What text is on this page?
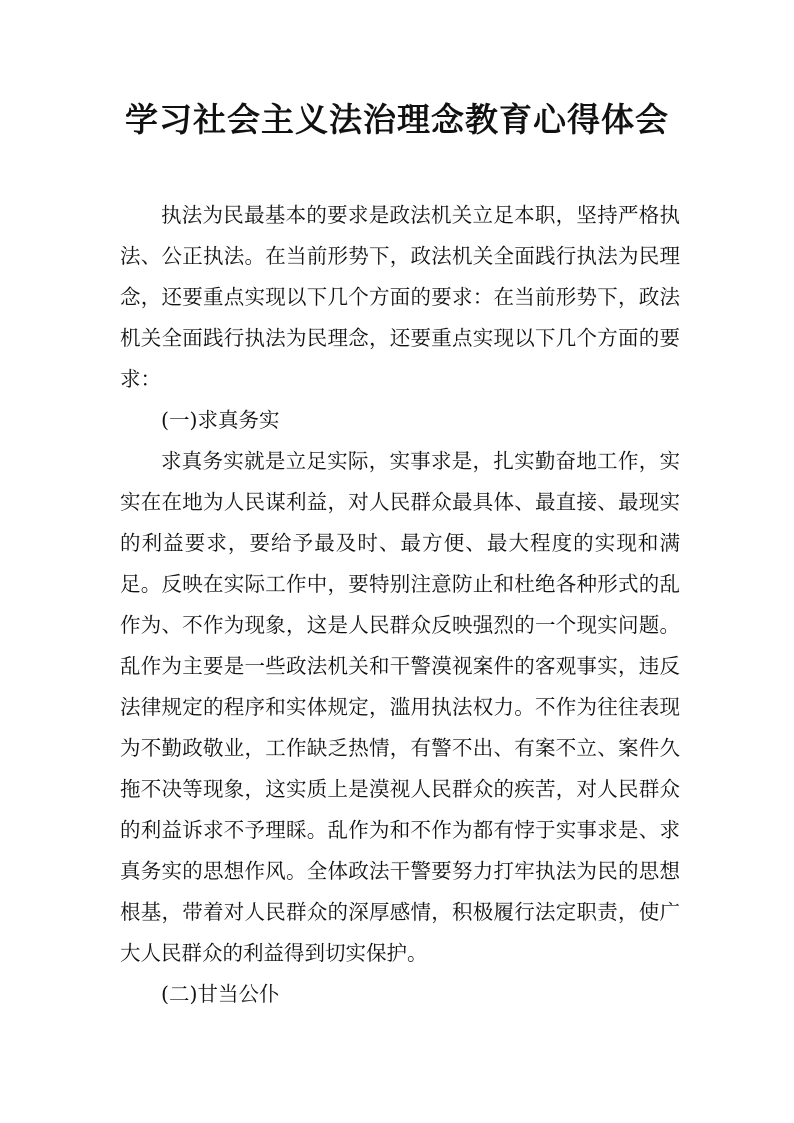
学习社会主义法治理念教育心得体会

执法为民最基本的要求是政法机关立足本职，坚持严格执法、公正执法。在当前形势下，政法机关全面践行执法为民理念，还要重点实现以下几个方面的要求：在当前形势下，政法机关全面践行执法为民理念，还要重点实现以下几个方面的要求：

(一)求真务实

求真务实就是立足实际，实事求是，扎实勤奋地工作，实实在在地为人民谋利益，对人民群众最具体、最直接、最现实的利益要求，要给予最及时、最方便、最大程度的实现和满足。反映在实际工作中，要特别注意防止和杜绝各种形式的乱作为、不作为现象，这是人民群众反映强烈的一个现实问题。乱作为主要是一些政法机关和干警漠视案件的客观事实，违反法律规定的程序和实体规定，滥用执法权力。不作为往往表现为不勤政敬业，工作缺乏热情，有警不出、有案不立、案件久拖不决等现象，这实质上是漠视人民群众的疾苦，对人民群众的利益诉求不予理睬。乱作为和不作为都有悖于实事求是、求真务实的思想作风。全体政法干警要努力打牢执法为民的思想根基，带着对人民群众的深厚感情，积极履行法定职责，使广大人民群众的利益得到切实保护。

(二)甘当公仆
